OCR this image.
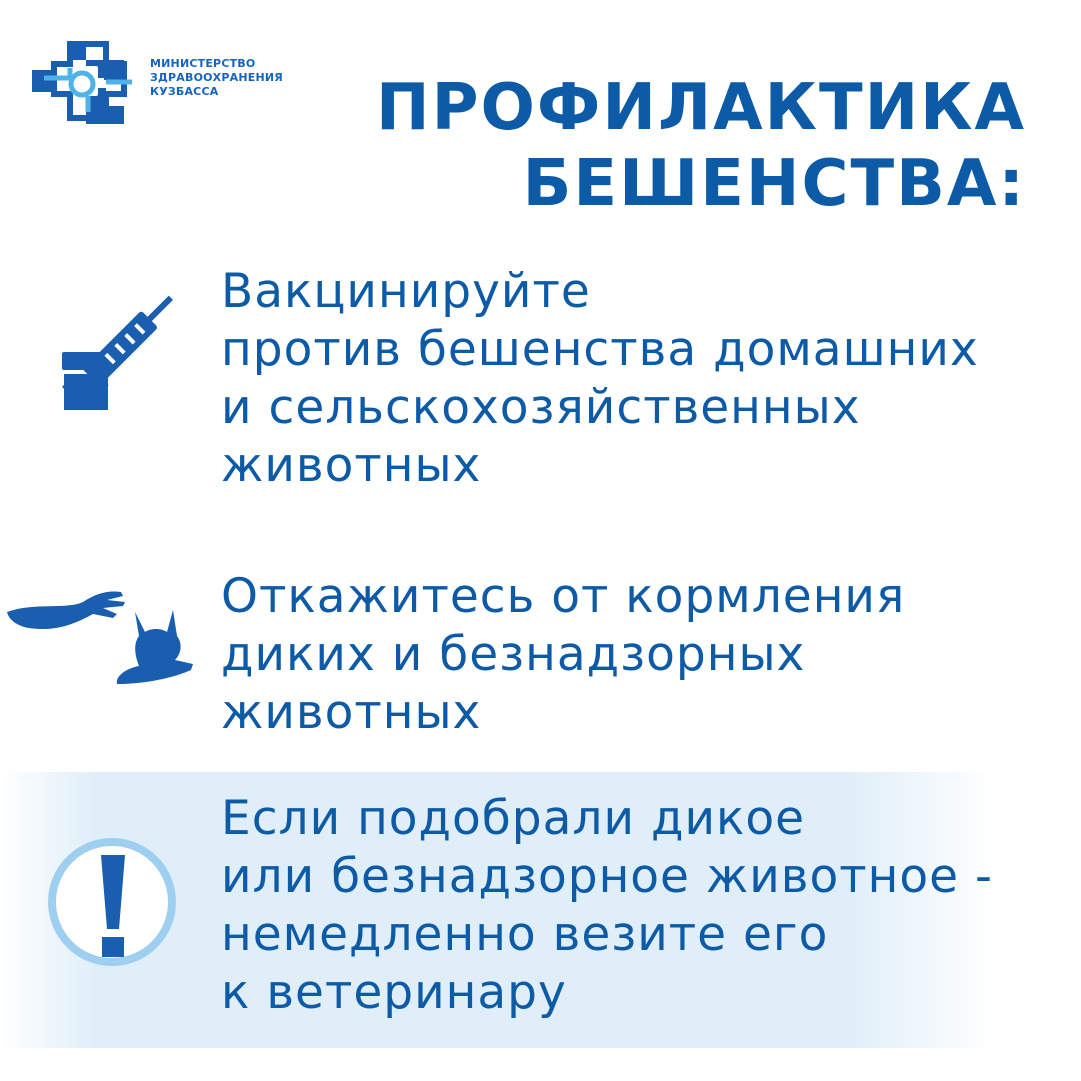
МИНИСТЕРСТВО
ЗДРАВООХРАНЕНИЯ
КУЗБАССА	ПРОФИЛАКТИКА
БЕШЕНСТВА:
Вакцинируйте
против бешенства домашних
и сельскохозяйственных
животных
Откажитесь от кормления
диких и безнадзорных
животных
Если подобрали дикое
или безнадзорное животное -
немедленно везите его
к ветеринару
